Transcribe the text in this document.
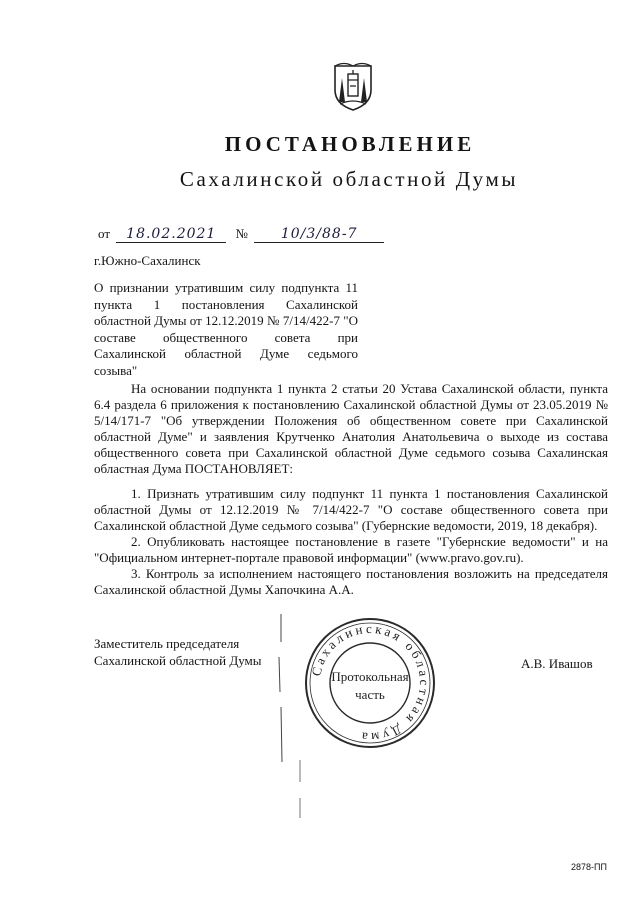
ПОСТАНОВЛЕНИЕ
Сахалинской областной Думы
от 18.02.2021 № 10/3/88-7
г.Южно-Сахалинск
О признании утратившим силу подпункта 11 пункта 1 постановления Сахалинской областной Думы от 12.12.2019 № 7/14/422-7 "О составе общественного совета при Сахалинской областной Думе седьмого созыва"

На основании подпункта 1 пункта 2 статьи 20 Устава Сахалинской области, пункта 6.4 раздела 6 приложения к постановлению Сахалинской областной Думы от 23.05.2019 № 5/14/171-7 "Об утверждении Положения об общественном совете при Сахалинской областной Думе" и заявления Крутченко Анатолия Анатольевича о выходе из состава общественного совета при Сахалинской областной Думе седьмого созыва Сахалинская областная Дума ПОСТАНОВЛЯЕТ:

1. Признать утратившим силу подпункт 11 пункта 1 постановления Сахалинской областной Думы от 12.12.2019 № 7/14/422-7 "О составе общественного совета при Сахалинской областной Думе седьмого созыва" (Губернские ведомости, 2019, 18 декабря).

2. Опубликовать настоящее постановление в газете "Губернские ведомости" и на "Официальном интернет-портале правовой информации" (www.pravo.gov.ru).

3. Контроль за исполнением настоящего постановления возложить на председателя Сахалинской областной Думы Хапочкина А.А.

Заместитель председателя
Сахалинской областной Думы
Сахалинская областная Дума
Протокольная
часть
А.В. Ивашов
2878-ПП
